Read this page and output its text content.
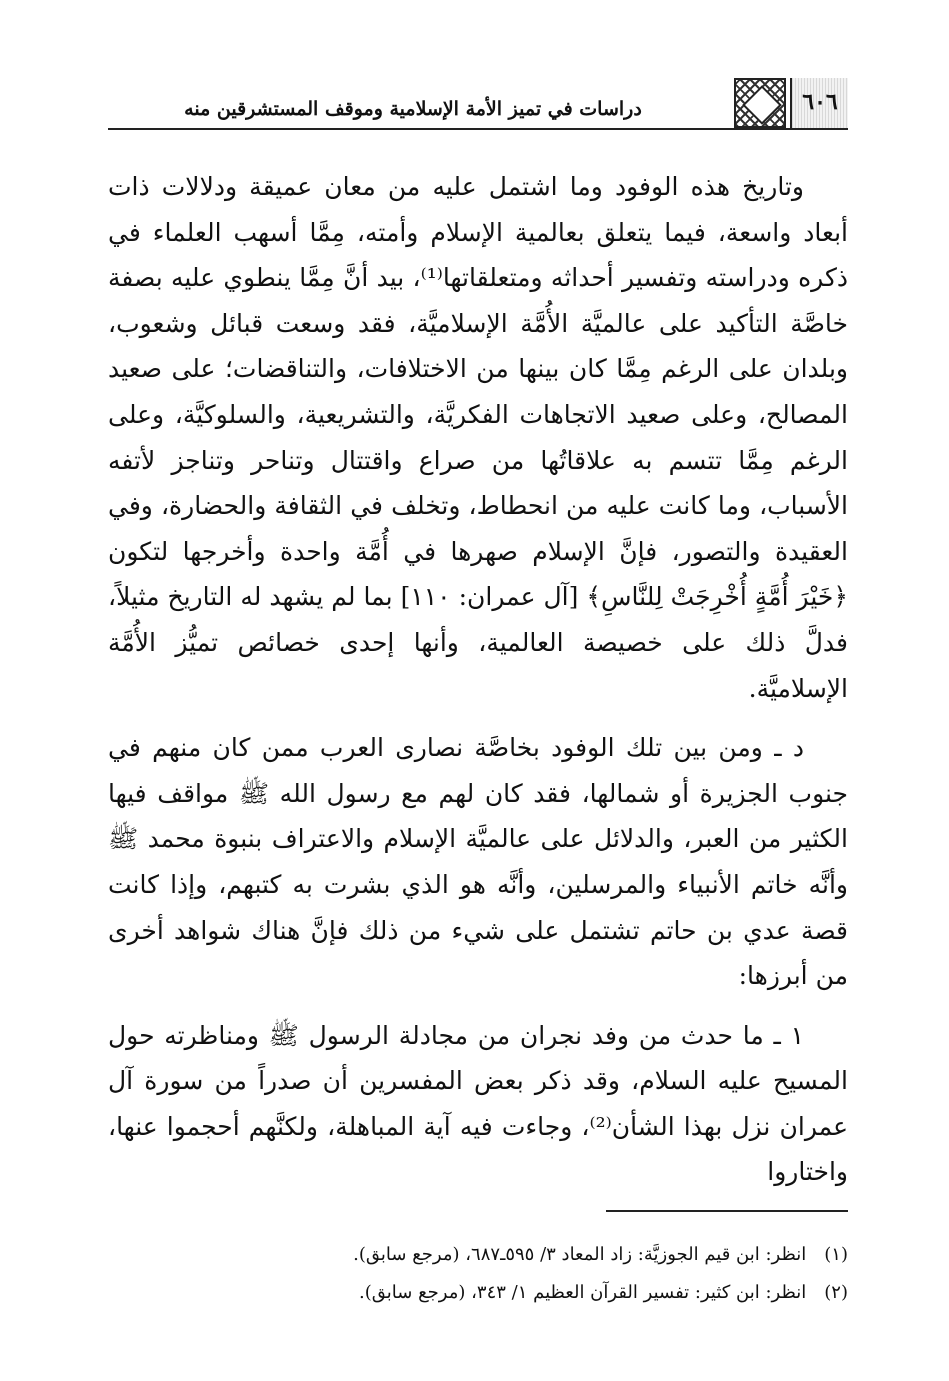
دراسات في تميز الأمة الإسلامية وموقف المستشرقين منه	٦٠٦

وتاريخ هذه الوفود وما اشتمل عليه من معان عميقة ودلالات ذات أبعاد واسعة، فيما يتعلق بعالمية الإسلام وأمته، مِمَّا أسهب العلماء في ذكره ودراسته وتفسير أحداثه ومتعلقاتها⁽¹⁾، بيد أنَّ مِمَّا ينطوي عليه بصفة خاصَّة التأكيد على عالميَّة الأُمَّة الإسلاميَّة، فقد وسعت قبائل وشعوب، وبلدان على الرغم مِمَّا كان بينها من الاختلافات، والتناقضات؛ على صعيد المصالح، وعلى صعيد الاتجاهات الفكريَّة، والتشريعية، والسلوكيَّة، وعلى الرغم مِمَّا تتسم به علاقاتُها من صراع واقتتال وتناحر وتناجز لأتفه الأسباب، وما كانت عليه من انحطاط، وتخلف في الثقافة والحضارة، وفي العقيدة والتصور، فإنَّ الإسلام صهرها في أُمَّة واحدة وأخرجها لتكون ﴿خَيْرَ أُمَّةٍ أُخْرِجَتْ لِلنَّاسِ﴾ [آل عمران: ١١٠] بما لم يشهد له التاريخ مثيلاً، فدلَّ ذلك على خصيصة العالمية، وأنها إحدى خصائص تميُّز الأُمَّة الإسلاميَّة.

د ـ ومن بين تلك الوفود بخاصَّة نصارى العرب ممن كان منهم في جنوب الجزيرة أو شمالها، فقد كان لهم مع رسول الله ﷺ مواقف فيها الكثير من العبر، والدلائل على عالميَّة الإسلام والاعتراف بنبوة محمد ﷺ وأنَّه خاتم الأنبياء والمرسلين، وأنَّه هو الذي بشرت به كتبهم، وإذا كانت قصة عدي بن حاتم تشتمل على شيء من ذلك فإنَّ هناك شواهد أخرى من أبرزها:

١ ـ ما حدث من وفد نجران من مجادلة الرسول ﷺ ومناظرته حول المسيح عليه السلام، وقد ذكر بعض المفسرين أن صدراً من سورة آل عمران نزل بهذا الشأن⁽²⁾، وجاءت فيه آية المباهلة، ولكنَّهم أحجموا عنها، واختاروا

(١) انظر: ابن قيم الجوزيَّة: زاد المعاد ٣/ ٥٩٥ـ٦٨٧، (مرجع سابق).
(٢) انظر: ابن كثير: تفسير القرآن العظيم ١/ ٣٤٣، (مرجع سابق).
